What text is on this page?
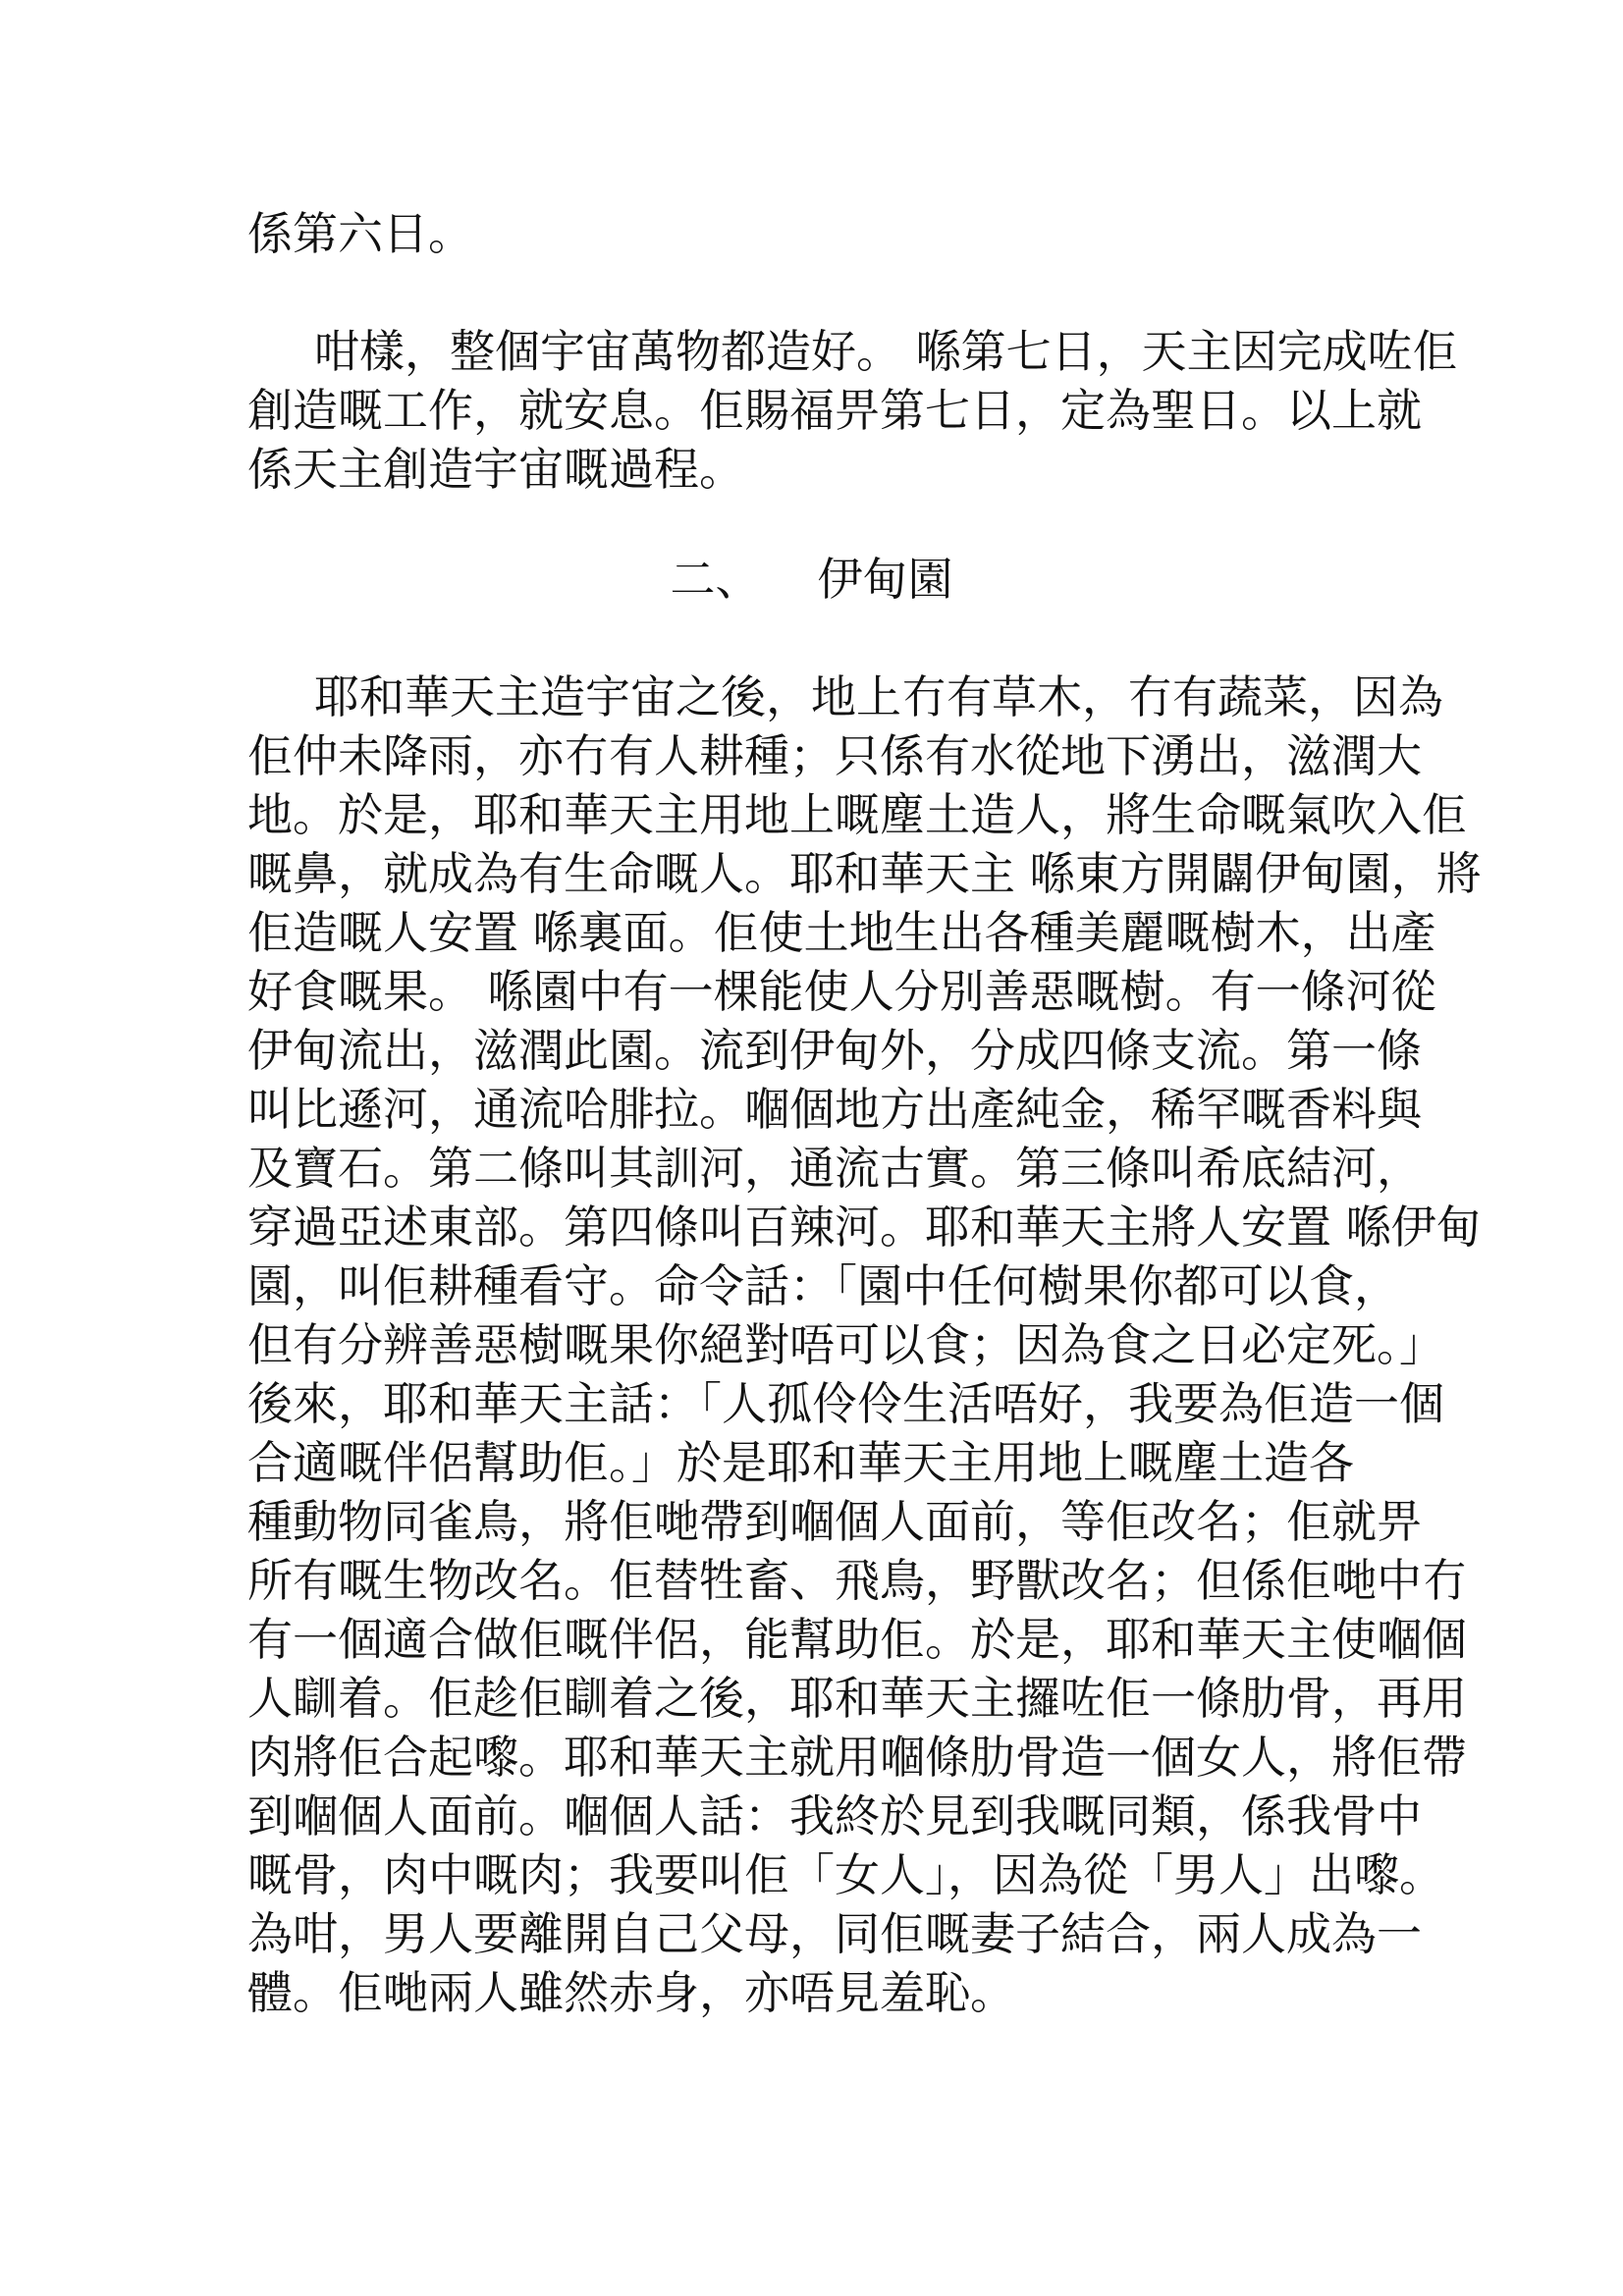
係第六日。
咁樣，整個宇宙萬物都造好。 喺第七日，天主因完成咗佢
創造嘅工作，就安息。佢賜福畀第七日，定為聖日。以上就
係天主創造宇宙嘅過程。
二、 伊甸園
耶和華天主造宇宙之後，地上冇有草木，冇有蔬菜，因為
佢仲未降雨，亦冇有人耕種；只係有水從地下湧出，滋潤大
地。於是，耶和華天主用地上嘅塵土造人，將生命嘅氣吹入佢
嘅鼻，就成為有生命嘅人。耶和華天主 喺東方開闢伊甸園，將
佢造嘅人安置 喺裏面。佢使土地生出各種美麗嘅樹木，出產
好食嘅果。 喺園中有一棵能使人分別善惡嘅樹。有一條河從
伊甸流出，滋潤此園。流到伊甸外，分成四條支流。第一條
叫比遜河，通流哈腓拉。嗰個地方出產純金，稀罕嘅香料與
及寶石。第二條叫其訓河，通流古實。第三條叫希底結河，
穿過亞述東部。第四條叫百辣河。耶和華天主將人安置 喺伊甸
園，叫佢耕種看守。命令話：「園中任何樹果你都可以食，
但有分辨善惡樹嘅果你絕對唔可以食；因為食之日必定死。」
後來，耶和華天主話：「人孤伶伶生活唔好，我要為佢造一個
合適嘅伴侶幫助佢。」於是耶和華天主用地上嘅塵土造各
種動物同雀鳥，將佢哋帶到嗰個人面前，等佢改名；佢就畀
所有嘅生物改名。佢替牲畜、飛鳥，野獸改名；但係佢哋中冇
有一個適合做佢嘅伴侶，能幫助佢。於是，耶和華天主使嗰個
人瞓着。佢趁佢瞓着之後，耶和華天主攞咗佢一條肋骨，再用
肉將佢合起嚟。耶和華天主就用嗰條肋骨造一個女人，將佢帶
到嗰個人面前。嗰個人話：我終於見到我嘅同類，係我骨中
嘅骨，肉中嘅肉；我要叫佢「女人」，因為從「男人」出嚟。
為咁，男人要離開自己父母，同佢嘅妻子結合，兩人成為一
體。佢哋兩人雖然赤身，亦唔見羞恥。
